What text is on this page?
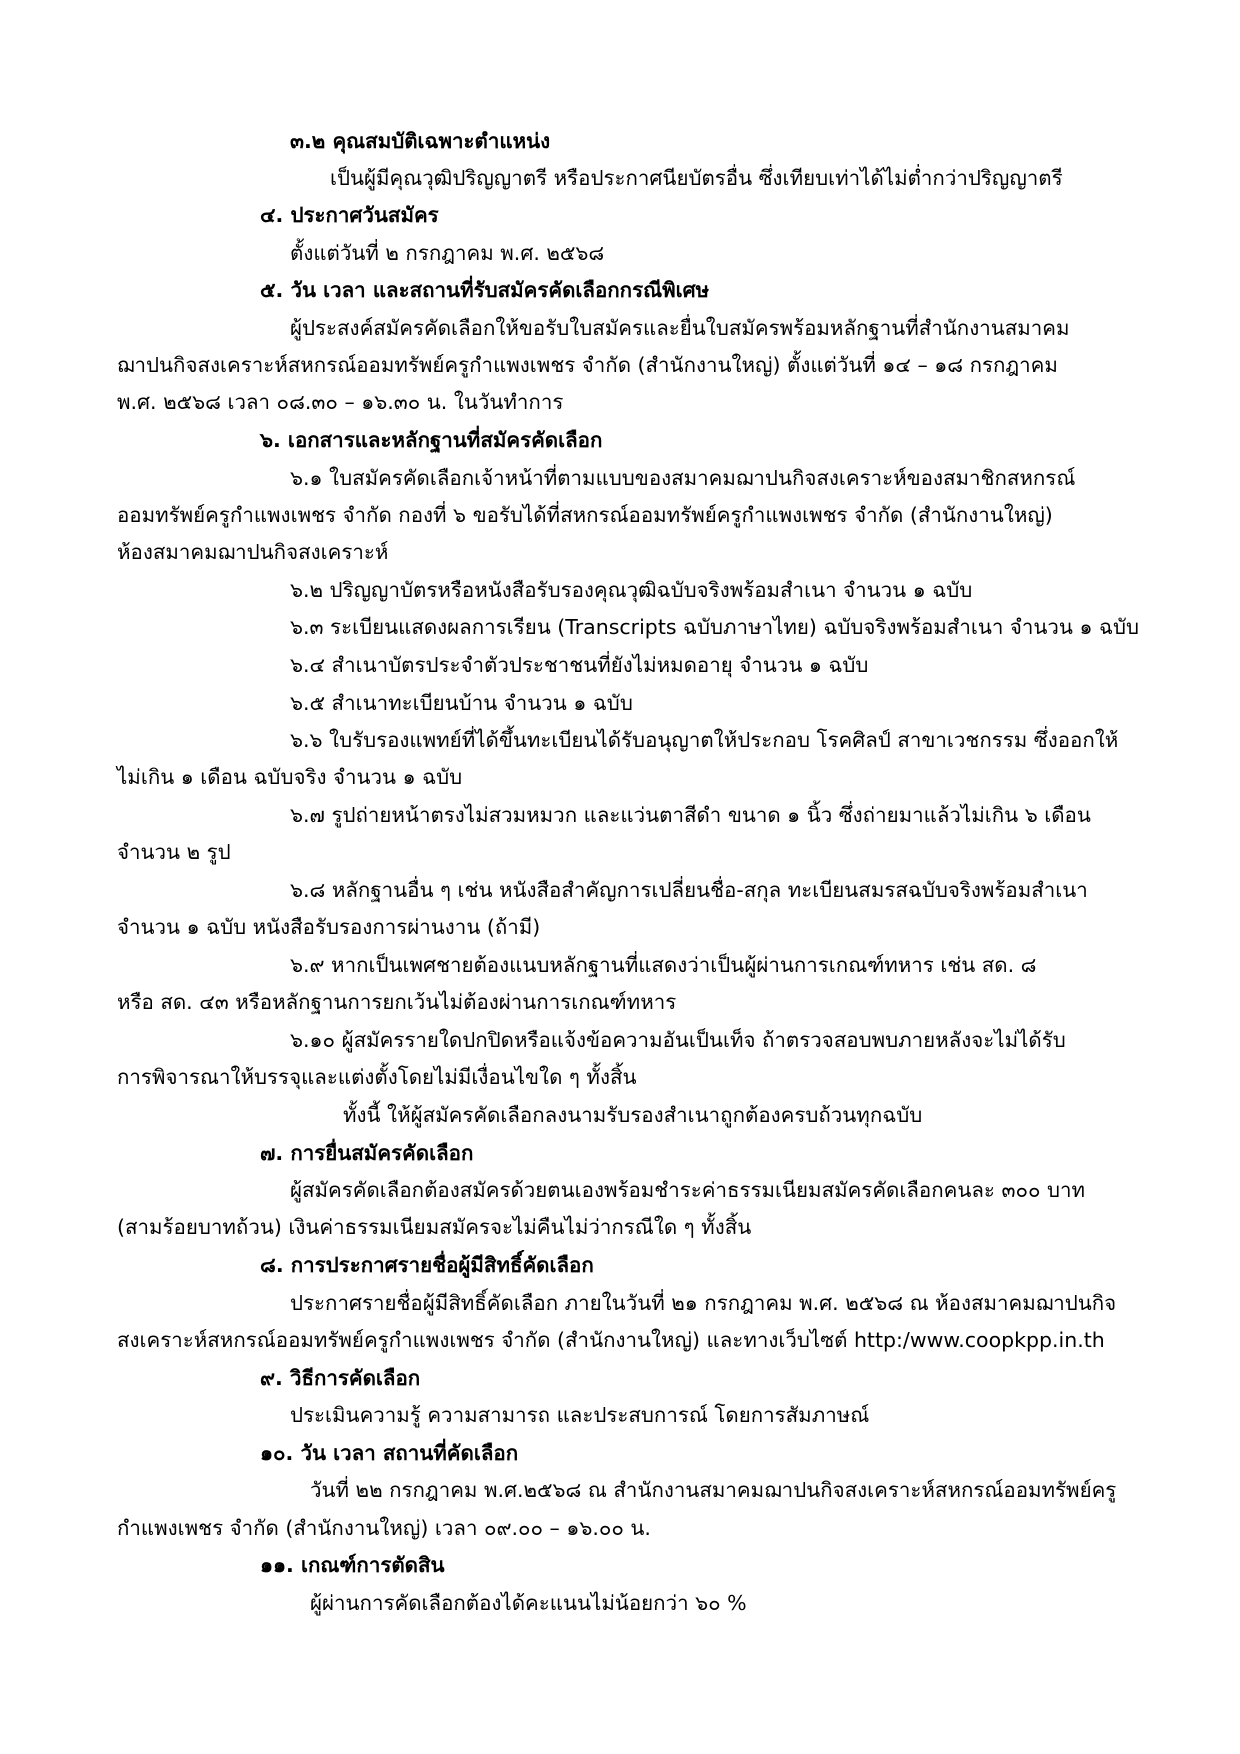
๓.๒ คุณสมบัติเฉพาะตำแหน่ง
เป็นผู้มีคุณวุฒิปริญญาตรี หรือประกาศนียบัตรอื่น ซึ่งเทียบเท่าได้ไม่ต่ำกว่าปริญญาตรี
๔. ประกาศวันสมัคร
ตั้งแต่วันที่ ๒ กรกฎาคม พ.ศ. ๒๕๖๘
๕. วัน เวลา และสถานที่รับสมัครคัดเลือกกรณีพิเศษ
ผู้ประสงค์สมัครคัดเลือกให้ขอรับใบสมัครและยื่นใบสมัครพร้อมหลักฐานที่สำนักงานสมาคม
ฌาปนกิจสงเคราะห์สหกรณ์ออมทรัพย์ครูกำแพงเพชร จำกัด (สำนักงานใหญ่) ตั้งแต่วันที่ ๑๔ – ๑๘ กรกฎาคม
พ.ศ. ๒๕๖๘ เวลา ๐๘.๓๐ – ๑๖.๓๐ น. ในวันทำการ
๖. เอกสารและหลักฐานที่สมัครคัดเลือก
๖.๑ ใบสมัครคัดเลือกเจ้าหน้าที่ตามแบบของสมาคมฌาปนกิจสงเคราะห์ของสมาชิกสหกรณ์
ออมทรัพย์ครูกำแพงเพชร จำกัด กองที่ ๖ ขอรับได้ที่สหกรณ์ออมทรัพย์ครูกำแพงเพชร จำกัด (สำนักงานใหญ่)
ห้องสมาคมฌาปนกิจสงเคราะห์
๖.๒ ปริญญาบัตรหรือหนังสือรับรองคุณวุฒิฉบับจริงพร้อมสำเนา จำนวน ๑ ฉบับ
๖.๓ ระเบียนแสดงผลการเรียน (Transcripts ฉบับภาษาไทย) ฉบับจริงพร้อมสำเนา จำนวน ๑ ฉบับ
๖.๔ สำเนาบัตรประจำตัวประชาชนที่ยังไม่หมดอายุ จำนวน ๑ ฉบับ
๖.๕ สำเนาทะเบียนบ้าน จำนวน ๑ ฉบับ
๖.๖ ใบรับรองแพทย์ที่ได้ขึ้นทะเบียนได้รับอนุญาตให้ประกอบ โรคศิลป์ สาขาเวชกรรม ซึ่งออกให้
ไม่เกิน ๑ เดือน ฉบับจริง จำนวน ๑ ฉบับ
๖.๗ รูปถ่ายหน้าตรงไม่สวมหมวก และแว่นตาสีดำ ขนาด ๑ นิ้ว ซึ่งถ่ายมาแล้วไม่เกิน ๖ เดือน
จำนวน ๒ รูป
๖.๘ หลักฐานอื่น ๆ เช่น หนังสือสำคัญการเปลี่ยนชื่อ-สกุล ทะเบียนสมรสฉบับจริงพร้อมสำเนา
จำนวน ๑ ฉบับ หนังสือรับรองการผ่านงาน (ถ้ามี)
๖.๙ หากเป็นเพศชายต้องแนบหลักฐานที่แสดงว่าเป็นผู้ผ่านการเกณฑ์ทหาร เช่น สด. ๘
หรือ สด. ๔๓ หรือหลักฐานการยกเว้นไม่ต้องผ่านการเกณฑ์ทหาร
๖.๑๐ ผู้สมัครรายใดปกปิดหรือแจ้งข้อความอันเป็นเท็จ ถ้าตรวจสอบพบภายหลังจะไม่ได้รับ
การพิจารณาให้บรรจุและแต่งตั้งโดยไม่มีเงื่อนไขใด ๆ ทั้งสิ้น
ทั้งนี้ ให้ผู้สมัครคัดเลือกลงนามรับรองสำเนาถูกต้องครบถ้วนทุกฉบับ
๗. การยื่นสมัครคัดเลือก
ผู้สมัครคัดเลือกต้องสมัครด้วยตนเองพร้อมชำระค่าธรรมเนียมสมัครคัดเลือกคนละ ๓๐๐ บาท
(สามร้อยบาทถ้วน) เงินค่าธรรมเนียมสมัครจะไม่คืนไม่ว่ากรณีใด ๆ ทั้งสิ้น
๘. การประกาศรายชื่อผู้มีสิทธิ์คัดเลือก
ประกาศรายชื่อผู้มีสิทธิ์คัดเลือก ภายในวันที่ ๒๑ กรกฎาคม พ.ศ. ๒๕๖๘ ณ ห้องสมาคมฌาปนกิจ
สงเคราะห์สหกรณ์ออมทรัพย์ครูกำแพงเพชร จำกัด (สำนักงานใหญ่) และทางเว็บไซต์ http:/www.coopkpp.in.th
๙. วิธีการคัดเลือก
ประเมินความรู้ ความสามารถ และประสบการณ์ โดยการสัมภาษณ์
๑๐. วัน เวลา สถานที่คัดเลือก
วันที่ ๒๒ กรกฎาคม พ.ศ.๒๕๖๘ ณ สำนักงานสมาคมฌาปนกิจสงเคราะห์สหกรณ์ออมทรัพย์ครู
กำแพงเพชร จำกัด (สำนักงานใหญ่) เวลา ๐๙.๐๐ – ๑๖.๐๐ น.
๑๑. เกณฑ์การตัดสิน
ผู้ผ่านการคัดเลือกต้องได้คะแนนไม่น้อยกว่า ๖๐ %
